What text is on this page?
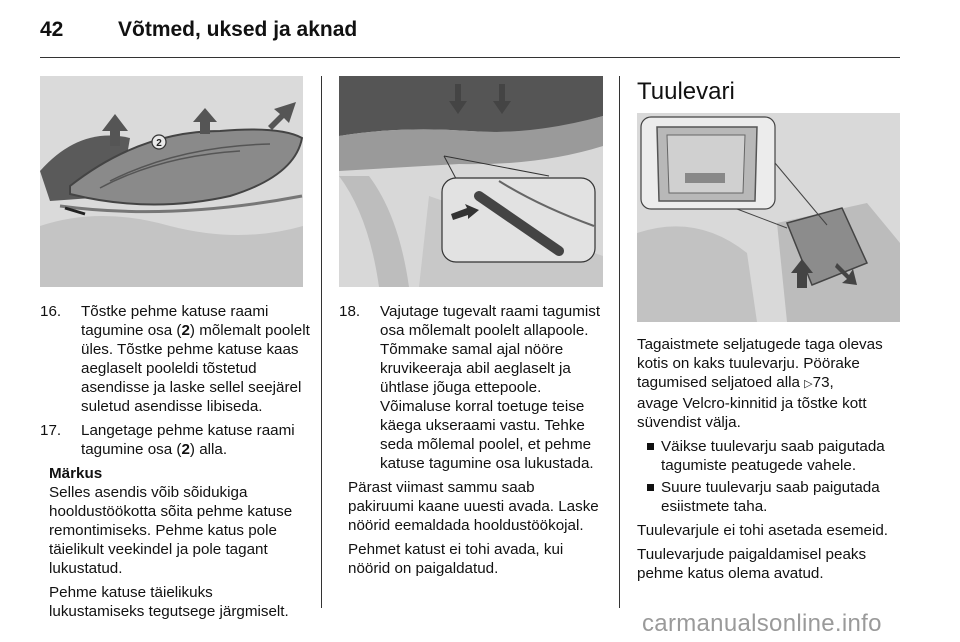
42	Võtmed, uksed ja aknad
2
16. Tõstke pehme katuse raami
tagumine osa (2) mõlemalt poolelt
üles. Tõstke pehme katuse kaas
aeglaselt pooleldi tõstetud
asendisse ja laske sellel seejärel
suletud asendisse libiseda.
17. Langetage pehme katuse raami
tagumine osa (2) alla.

Märkus

Selles asendis võib sõidukiga
hooldustöökotta sõita pehme katuse
remontimiseks. Pehme katus pole
täielikult veekindel ja pole tagant
lukustatud.

Pehme katuse täielikuks
lukustamiseks tegutsege järgmiselt.

18. Vajutage tugevalt raami tagumist
osa mõlemalt poolelt allapoole.
Tõmmake samal ajal nööre
kruvikeeraja abil aeglaselt ja
ühtlase jõuga ettepoole.
Võimaluse korral toetuge teise
käega ukseraami vastu. Tehke
seda mõlemal poolel, et pehme
katuse tagumine osa lukustada.

Pärast viimast sammu saab
pakiruumi kaane uuesti avada. Laske
nöörid eemaldada hooldustöökojal.

Pehmet katust ei tohi avada, kui
nöörid on paigaldatud.

Tuulevari

Tagaistmete seljatugede taga olevas
kotis on kaks tuulevarju. Pöörake
tagumised seljatoed alla ▷73,
avage Velcro-kinnitid ja tõstke kott
süvendist välja.

Väikse tuulevarju saab paigutada
tagumiste peatugede vahele.
Suure tuulevarju saab paigutada
esiistmete taha.

Tuulevarjule ei tohi asetada esemeid.

Tuulevarjude paigaldamisel peaks
pehme katus olema avatud.

carmanualsonline.info
